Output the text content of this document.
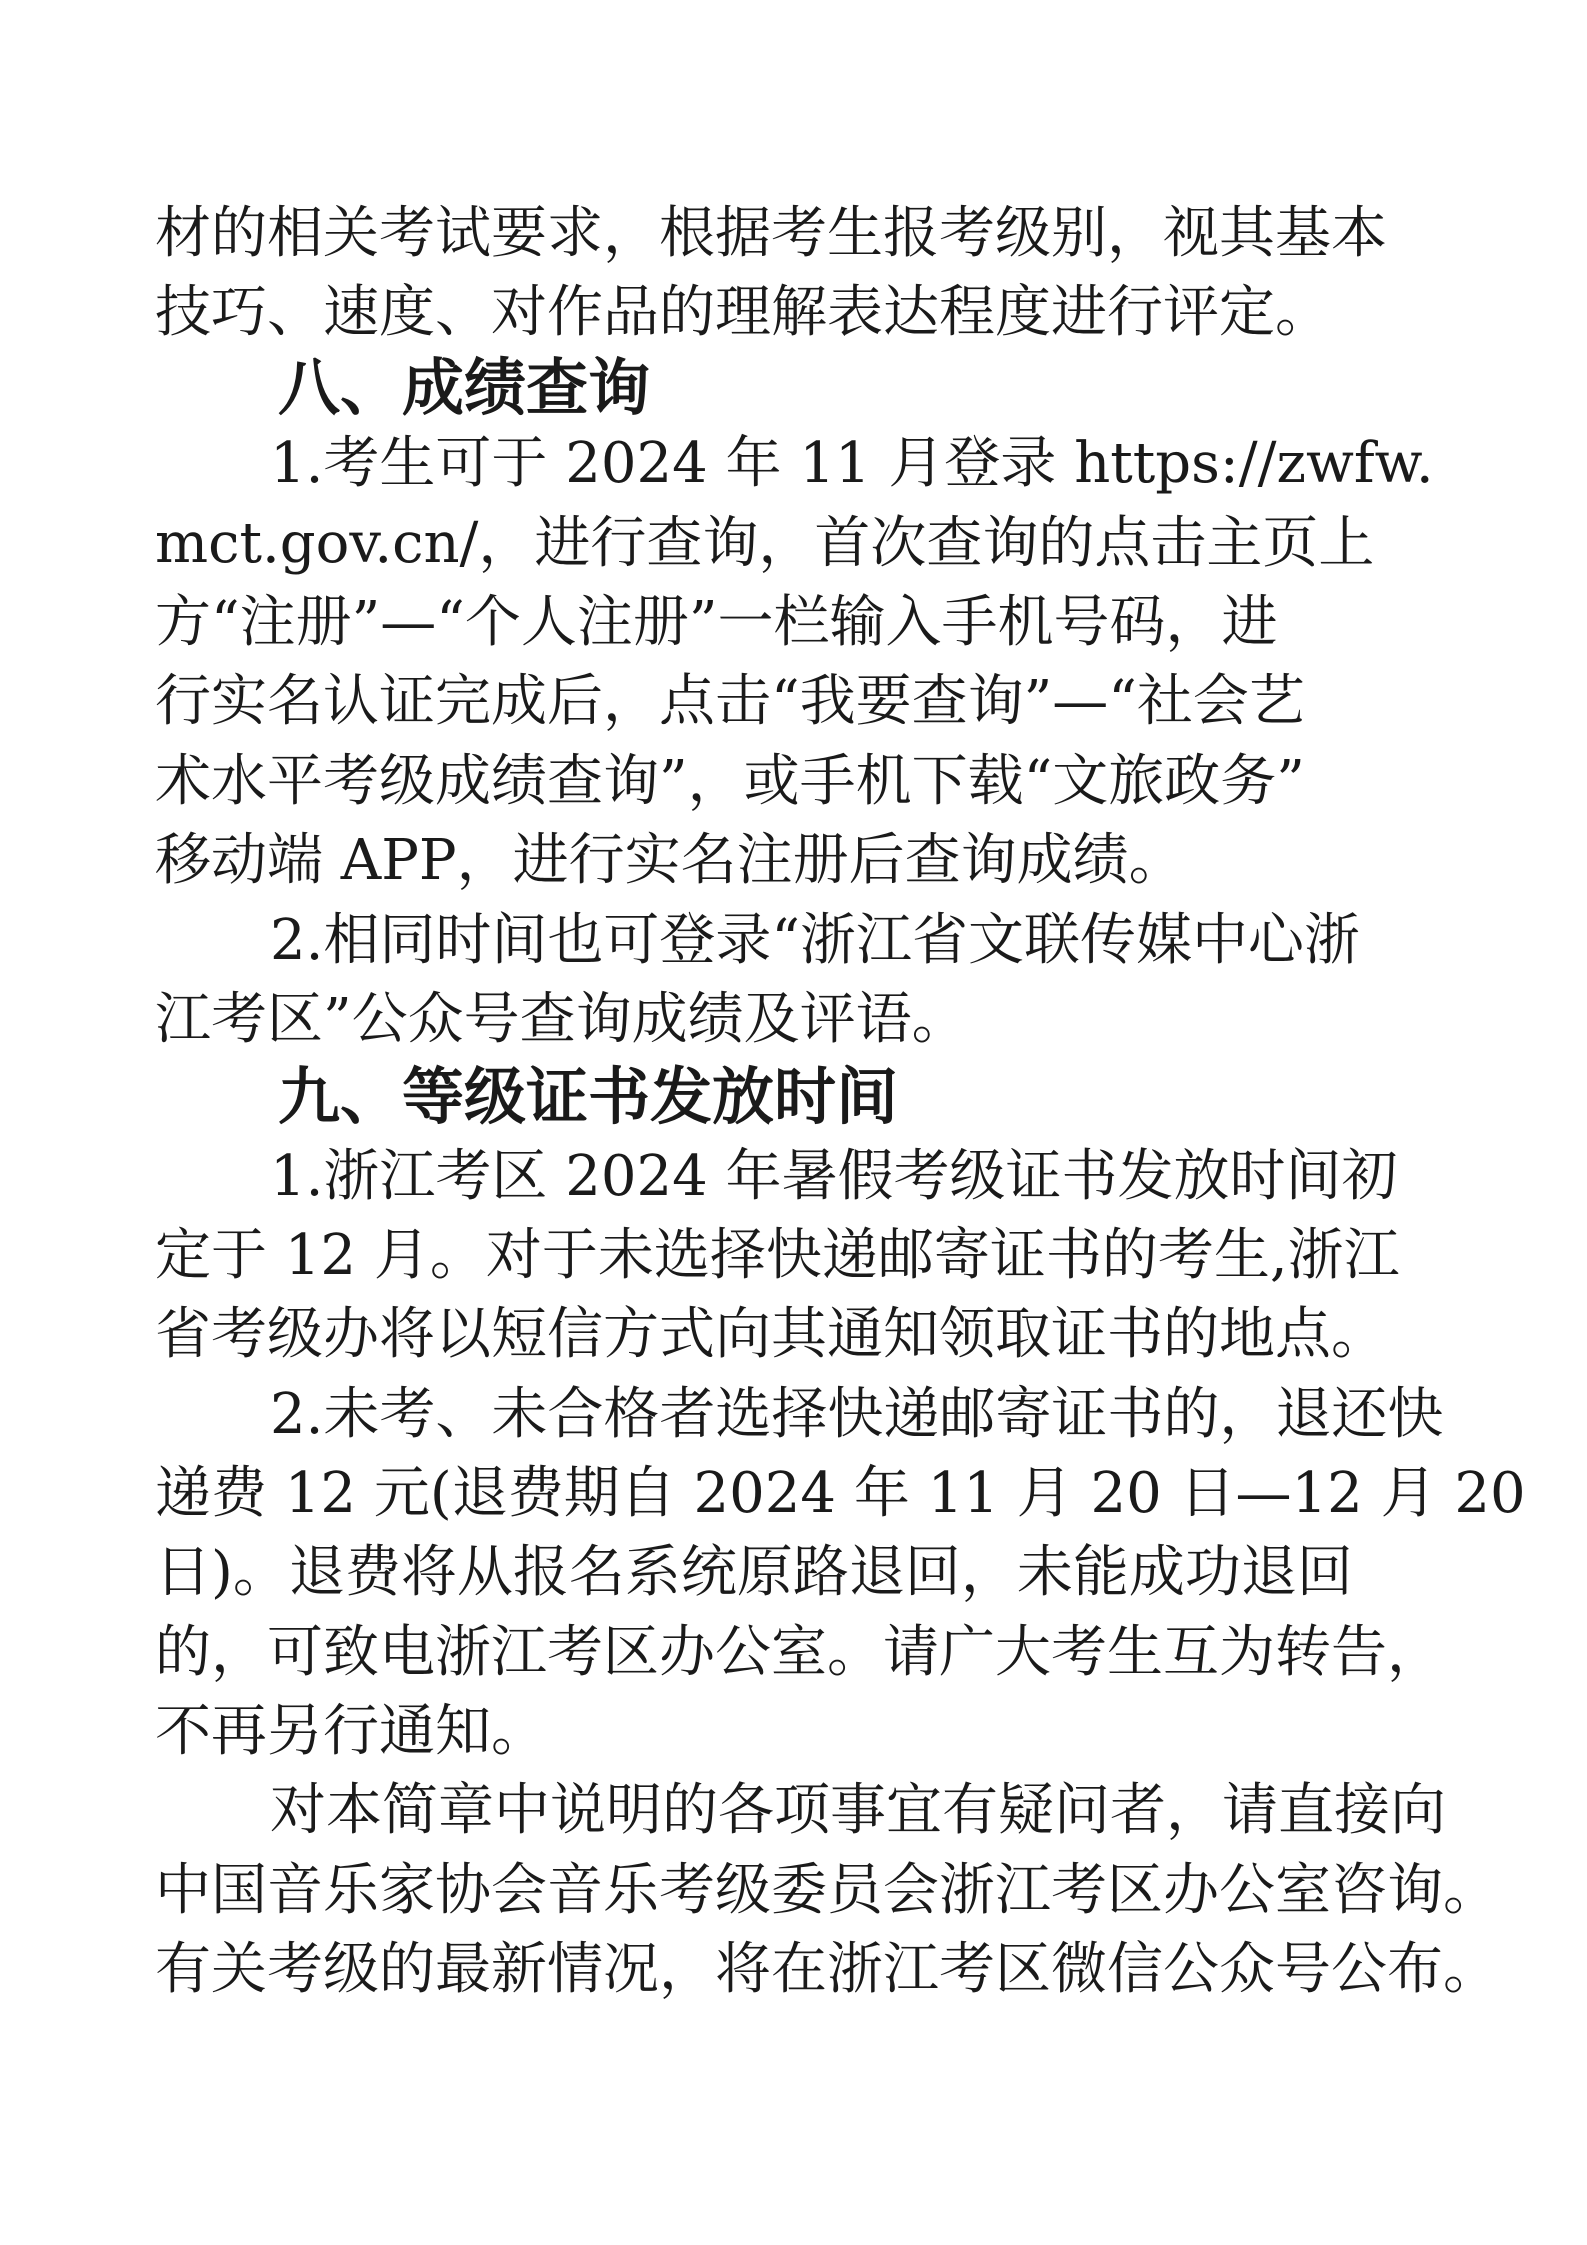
材的相关考试要求，根据考生报考级别，视其基本

技巧、速度、对作品的理解表达程度进行评定。

八、成绩查询

1.考生可于 2024 年 11 月登录 https://zwfw.

mct.gov.cn/，进行查询，首次查询的点击主页上

方“注册”—“个人注册”一栏输入手机号码，进

行实名认证完成后，点击“我要查询”—“社会艺

术水平考级成绩查询”，或手机下载“文旅政务”

移动端 APP，进行实名注册后查询成绩。

2.相同时间也可登录“浙江省文联传媒中心浙

江考区”公众号查询成绩及评语。

九、等级证书发放时间

1.浙江考区 2024 年暑假考级证书发放时间初

定于 12 月。对于未选择快递邮寄证书的考生,浙江

省考级办将以短信方式向其通知领取证书的地点。

2.未考、未合格者选择快递邮寄证书的，退还快

递费 12 元(退费期自 2024 年 11 月 20 日—12 月 20

日)。退费将从报名系统原路退回，未能成功退回

的，可致电浙江考区办公室。请广大考生互为转告，

不再另行通知。

对本简章中说明的各项事宜有疑问者，请直接向

中国音乐家协会音乐考级委员会浙江考区办公室咨询。

有关考级的最新情况，将在浙江考区微信公众号公布。
